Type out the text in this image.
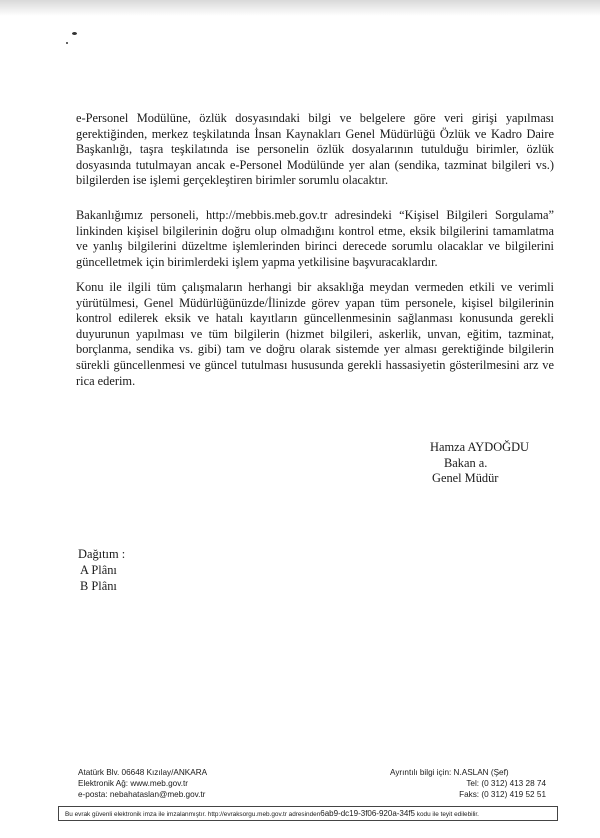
e-Personel Modülüne, özlük dosyasındaki bilgi ve belgelere göre veri girişi yapılması gerektiğinden, merkez teşkilatında İnsan Kaynakları Genel Müdürlüğü Özlük ve Kadro Daire Başkanlığı, taşra teşkilatında ise personelin özlük dosyalarının tutulduğu birimler, özlük dosyasında tutulmayan ancak e-Personel Modülünde yer alan (sendika, tazminat bilgileri vs.) bilgilerden ise işlemi gerçekleştiren birimler sorumlu olacaktır.

Bakanlığımız personeli, http://mebbis.meb.gov.tr adresindeki “Kişisel Bilgileri Sorgulama” linkinden kişisel bilgilerinin doğru olup olmadığını kontrol etme, eksik bilgilerini tamamlatma ve yanlış bilgilerini düzeltme işlemlerinden birinci derecede sorumlu olacaklar ve bilgilerini güncelletmek için birimlerdeki işlem yapma yetkilisine başvuracaklardır.

Konu ile ilgili tüm çalışmaların herhangi bir aksaklığa meydan vermeden etkili ve verimli yürütülmesi, Genel Müdürlüğünüzde/İlinizde görev yapan tüm personele, kişisel bilgilerinin kontrol edilerek eksik ve hatalı kayıtların güncellenmesinin sağlanması konusunda gerekli duyurunun yapılması ve tüm bilgilerin (hizmet bilgileri, askerlik, unvan, eğitim, tazminat, borçlanma, sendika vs. gibi) tam ve doğru olarak sistemde yer alması gerektiğinde bilgilerin sürekli güncellenmesi ve güncel tutulması hususunda gerekli hassasiyetin gösterilmesini arz ve rica ederim.

Hamza AYDOĞDU
Bakan a.
Genel Müdür
Dağıtım :
A Plânı
B Plânı
Atatürk Blv. 06648 Kızılay/ANKARA
Elektronik Ağ: www.meb.gov.tr
e-posta: nebahataslan@meb.gov.tr
Ayrıntılı bilgi için: N.ASLAN (Şef)
Tel: (0 312) 413 28 74
Faks: (0 312) 419 52 51
Bu evrak güvenli elektronik imza ile imzalanmıştır. http://evraksorgu.meb.gov.tr adresinden6ab9-dc19-3f06-920a-34f5 kodu ile teyit edilebilir.
